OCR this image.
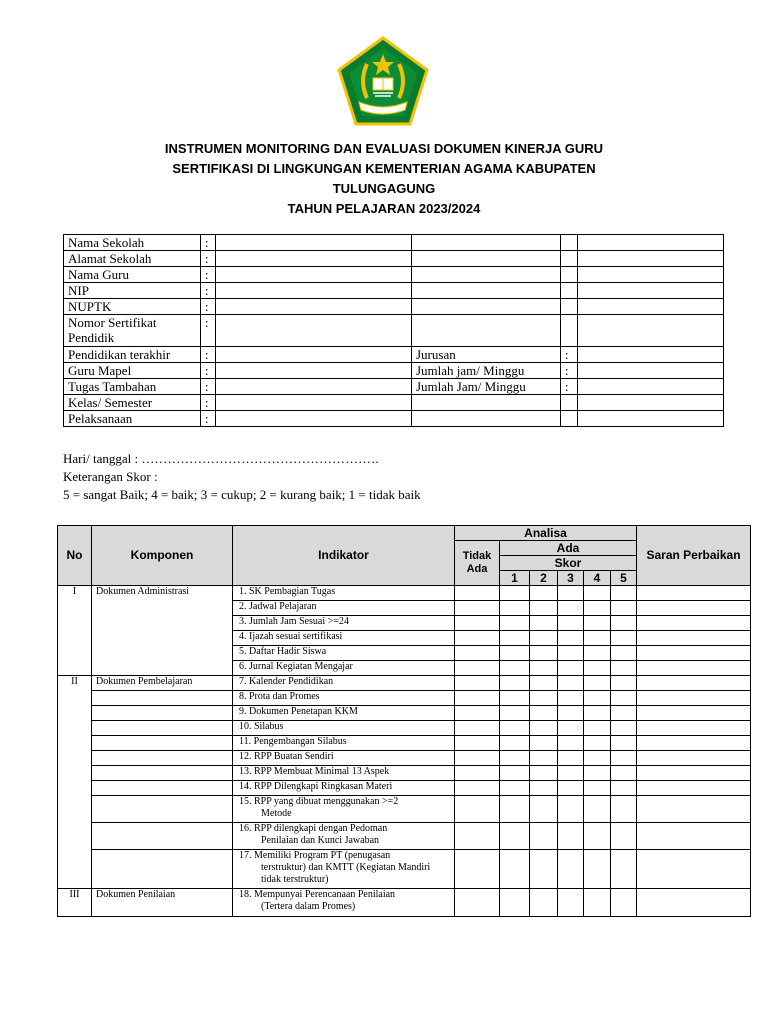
INSTRUMEN MONITORING DAN EVALUASI DOKUMEN KINERJA GURU
SERTIFIKASI DI LINGKUNGAN KEMENTERIAN AGAMA KABUPATEN
TULUNGAGUNG
TAHUN PELAJARAN 2023/2024
Nama Sekolah	:				
Alamat Sekolah	:				
Nama Guru	:				
NIP	:				
NUPTK	:				
Nomor Sertifikat Pendidik	:				
Pendidikan terakhir	:		Jurusan	:	
Guru Mapel	:		Jumlah jam/ Minggu	:	
Tugas Tambahan	:		Jumlah Jam/ Minggu	:	
Kelas/ Semester	:				
Pelaksanaan	:				
Hari/ tanggal : ……………………………………………….
Keterangan Skor :
5 = sangat Baik; 4 = baik; 3 = cukup; 2 = kurang baik; 1 = tidak baik
No	Komponen	Indikator	Analisa						Saran Perbaikan
			Tidak Ada	Ada					
				Skor					
				1	2	3	4	5	
I	Dokumen Administrasi	1. SK Pembagian Tugas							

		2. Jadwal Pelajaran							

		3. Jumlah Jam Sesuai >=24							

		4. Ijazah sesuai sertifikasi							

		5. Daftar Hadir Siswa							

		6. Jurnal Kegiatan Mengajar							

II	Dokumen Pembelajaran	7. Kalender Pendidikan							

		8. Prota dan Promes							

		9. Dokumen Penetapan KKM							

		10. Silabus							

		11. Pengembangan Silabus							

		12. RPP Buatan Sendiri							

		13. RPP Membuat Minimal 13 Aspek							

		14. RPP Dilengkapi Ringkasan Materi							

		15. RPP yang dibuat menggunakan >=2
Metode							

		16. RPP dilengkapi dengan Pedoman
Penilaian dan Kunci Jawaban							

		17. Memiliki Program PT (penugasan
terstruktur) dan KMTT (Kegiatan Mandiri tidak terstruktur)							

III	Dokumen Penilaian	18. Mempunyai Perencanaan Penilaian
(Tertera dalam Promes)							
